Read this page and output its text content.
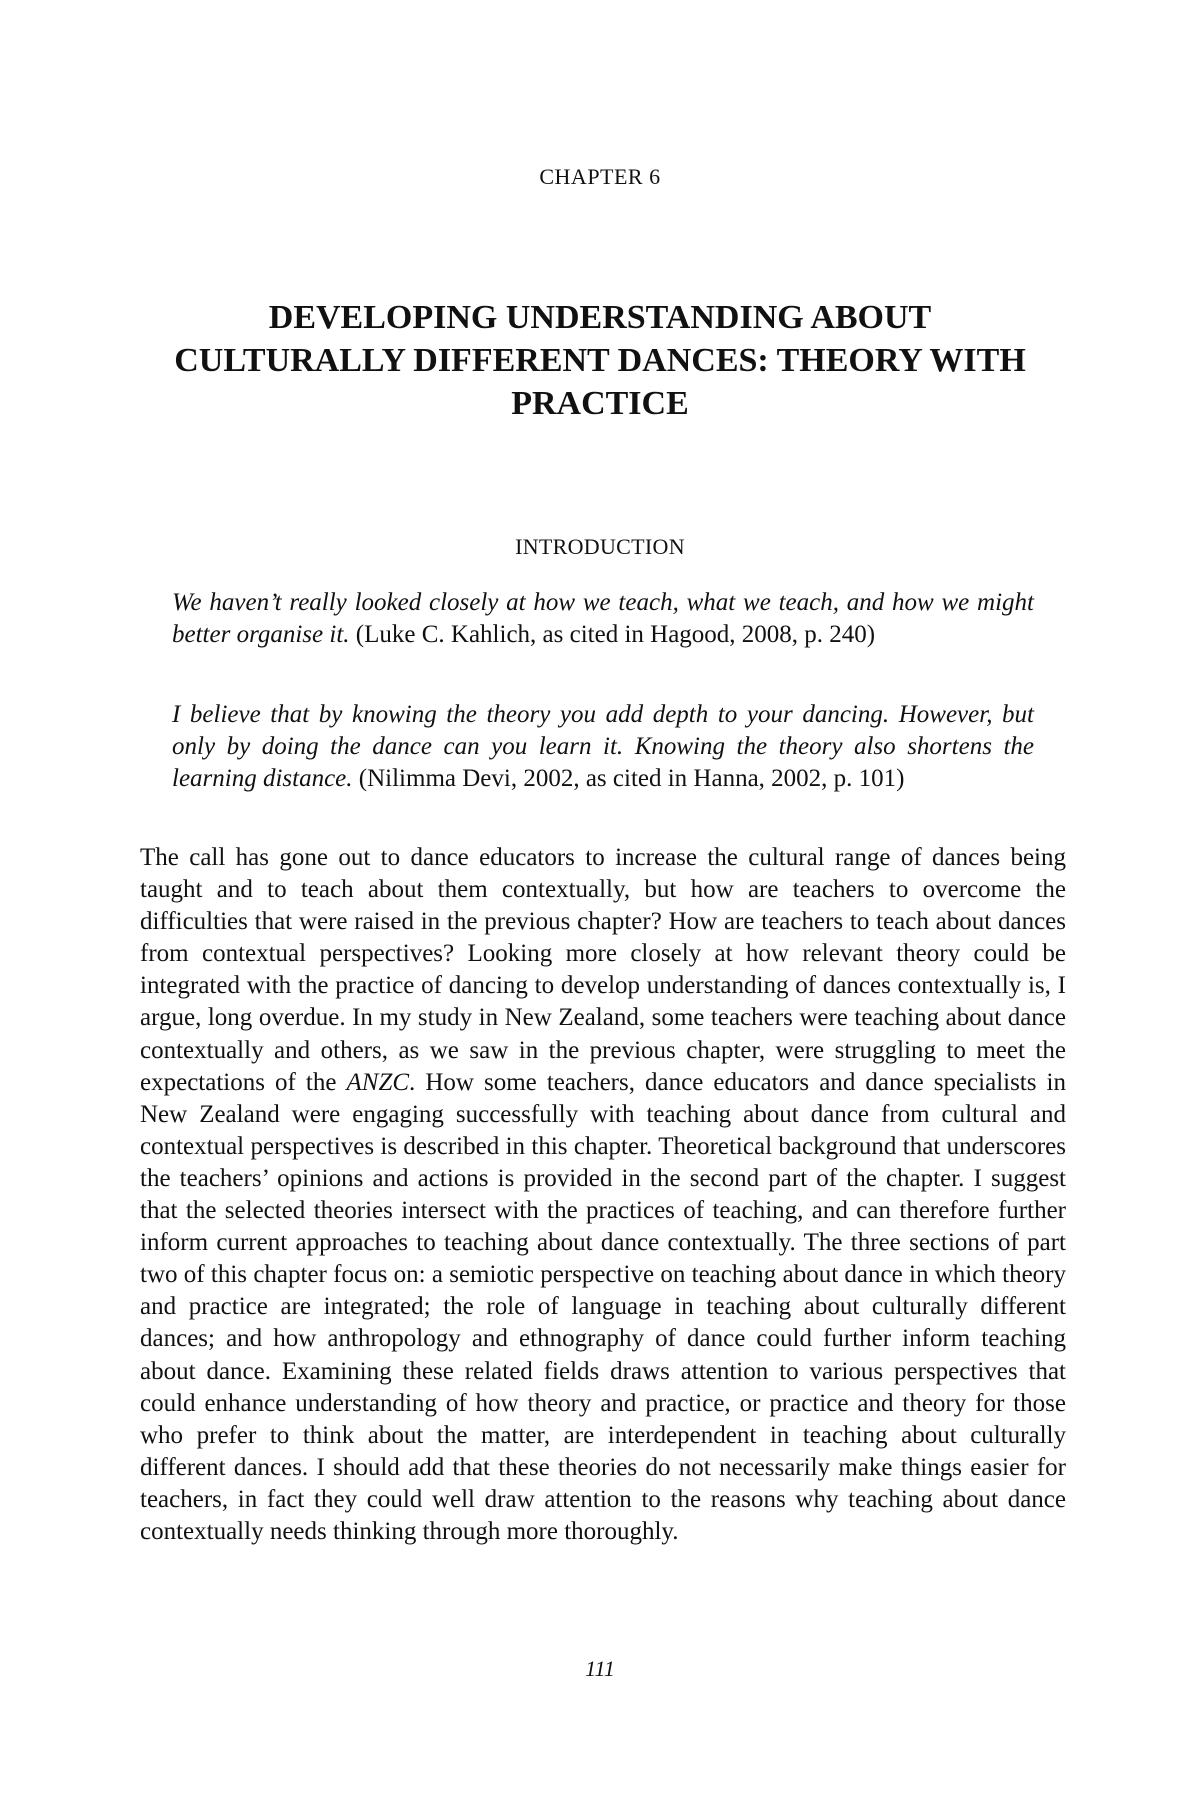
CHAPTER 6
DEVELOPING UNDERSTANDING ABOUT CULTURALLY DIFFERENT DANCES: THEORY WITH PRACTICE
INTRODUCTION

We haven’t really looked closely at how we teach, what we teach, and how we might better organise it. (Luke C. Kahlich, as cited in Hagood, 2008, p. 240)

I believe that by knowing the theory you add depth to your dancing. However, but only by doing the dance can you learn it. Knowing the theory also shortens the learning distance. (Nilimma Devi, 2002, as cited in Hanna, 2002, p. 101)

The call has gone out to dance educators to increase the cultural range of dances being taught and to teach about them contextually, but how are teachers to overcome the difficulties that were raised in the previous chapter? How are teachers to teach about dances from contextual perspectives? Looking more closely at how relevant theory could be integrated with the practice of dancing to develop understanding of dances contextually is, I argue, long overdue. In my study in New Zealand, some teachers were teaching about dance contextually and others, as we saw in the previous chapter, were struggling to meet the expectations of the ANZC. How some teachers, dance educators and dance specialists in New Zealand were engaging successfully with teaching about dance from cultural and contextual perspectives is described in this chapter. Theoretical background that underscores the teachers’ opinions and actions is provided in the second part of the chapter. I suggest that the selected theories intersect with the practices of teaching, and can therefore further inform current approaches to teaching about dance contextually. The three sections of part two of this chapter focus on: a semiotic perspective on teaching about dance in which theory and practice are integrated; the role of language in teaching about culturally different dances; and how anthropology and ethnography of dance could further inform teaching about dance. Examining these related fields draws attention to various perspectives that could enhance understanding of how theory and practice, or practice and theory for those who prefer to think about the matter, are interdependent in teaching about culturally different dances. I should add that these theories do not necessarily make things easier for teachers, in fact they could well draw attention to the reasons why teaching about dance contextually needs thinking through more thoroughly.

111
